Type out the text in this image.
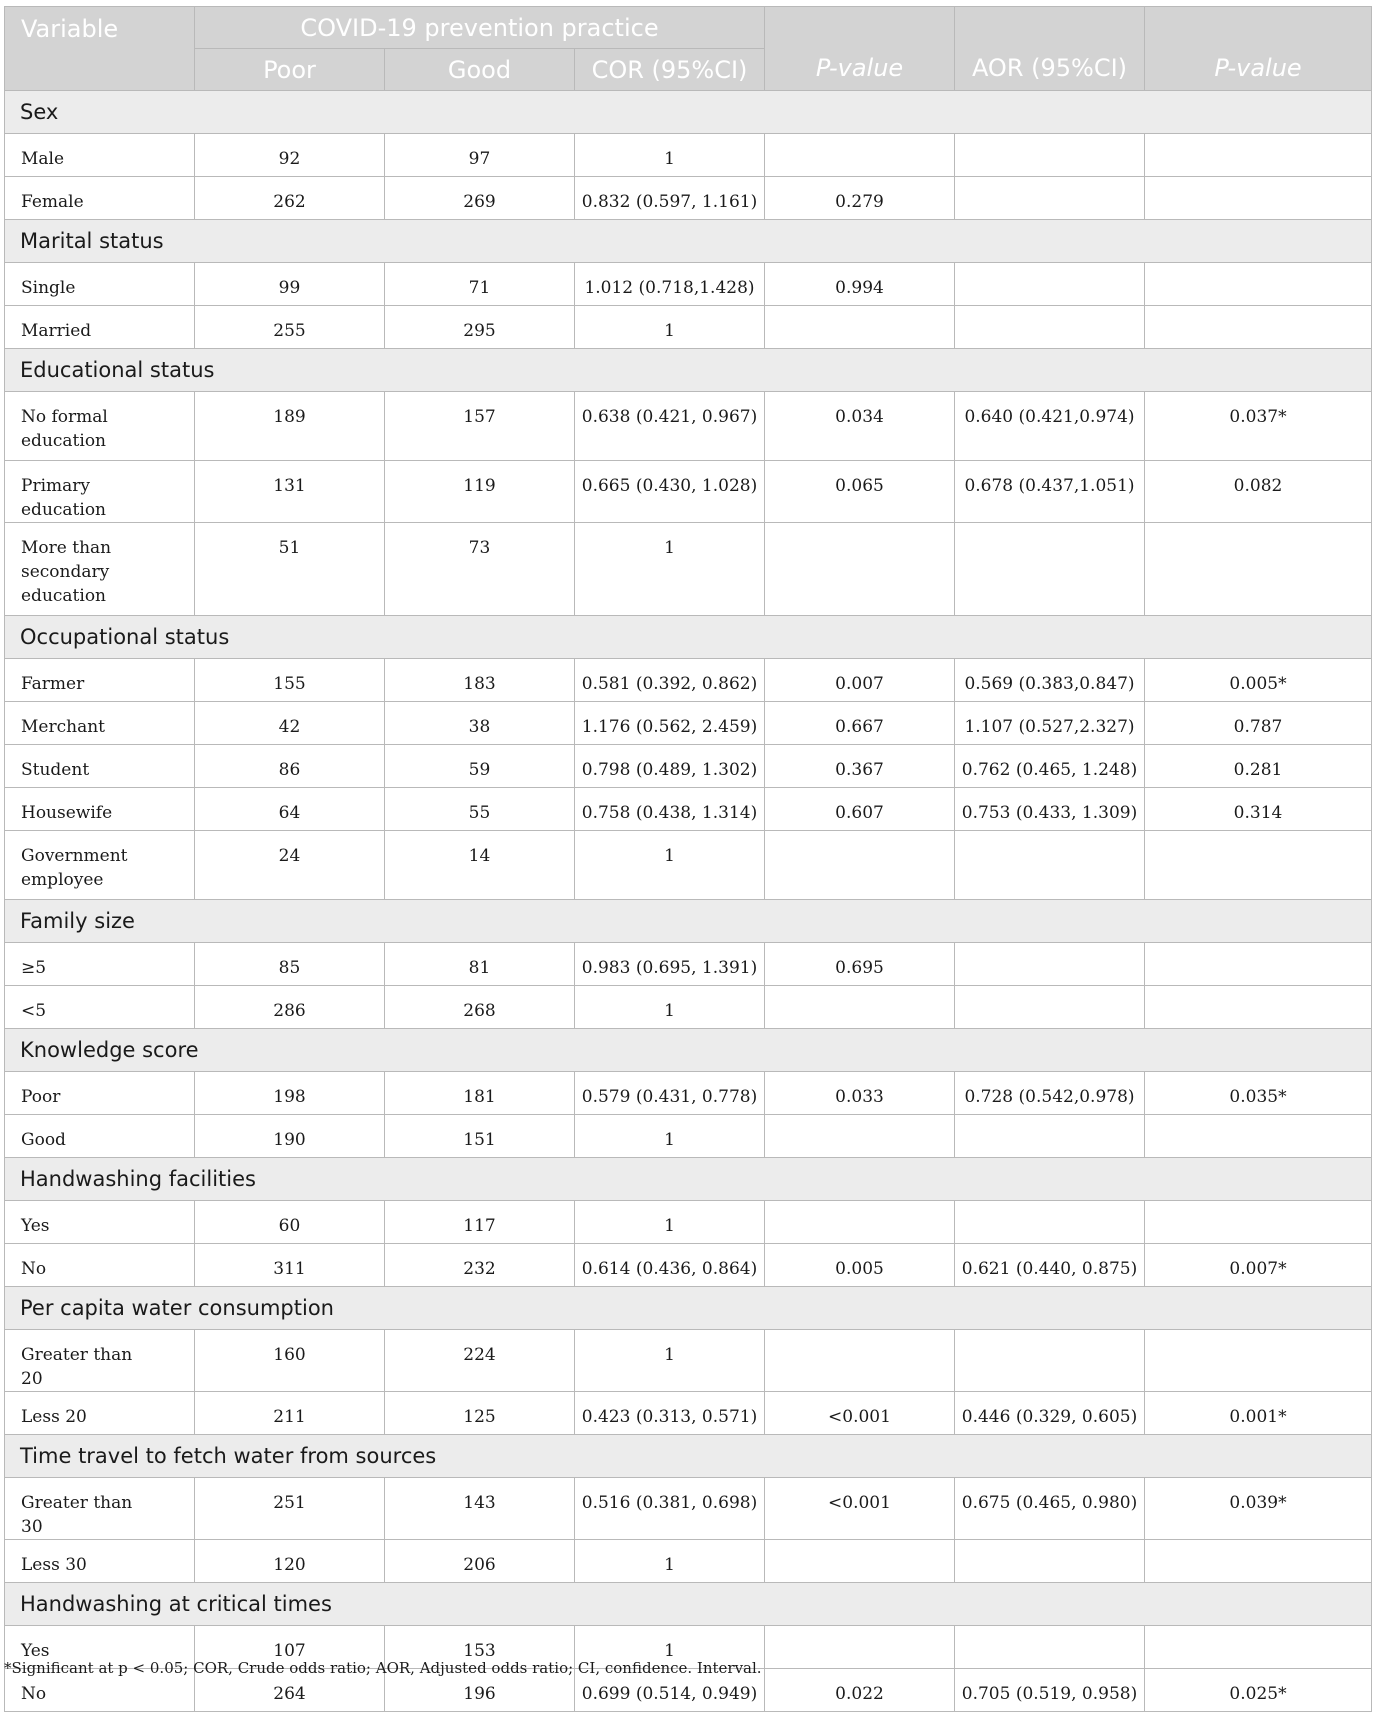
Variable	COVID-19 prevention practice			P-value	AOR (95%CI)	P-value
	Poor	Good	COR (95%CI)			
Sex						
Male	92	97	1			
Female	262	269	0.832 (0.597, 1.161)	0.279		
Marital status						
Single	99	71	1.012 (0.718,1.428)	0.994		
Married	255	295	1			
Educational status						
No formal education	189	157	0.638 (0.421, 0.967)	0.034	0.640 (0.421,0.974)	0.037*
Primary education	131	119	0.665 (0.430, 1.028)	0.065	0.678 (0.437,1.051)	0.082
More than secondary education	51	73	1			
Occupational status						
Farmer	155	183	0.581 (0.392, 0.862)	0.007	0.569 (0.383,0.847)	0.005*
Merchant	42	38	1.176 (0.562, 2.459)	0.667	1.107 (0.527,2.327)	0.787
Student	86	59	0.798 (0.489, 1.302)	0.367	0.762 (0.465, 1.248)	0.281
Housewife	64	55	0.758 (0.438, 1.314)	0.607	0.753 (0.433, 1.309)	0.314
Government employee	24	14	1			
Family size						
≥5	85	81	0.983 (0.695, 1.391)	0.695		
<5	286	268	1			
Knowledge score						
Poor	198	181	0.579 (0.431, 0.778)	0.033	0.728 (0.542,0.978)	0.035*
Good	190	151	1			
Handwashing facilities						
Yes	60	117	1			
No	311	232	0.614 (0.436, 0.864)	0.005	0.621 (0.440, 0.875)	0.007*
Per capita water consumption						
Greater than 20	160	224	1			
Less 20	211	125	0.423 (0.313, 0.571)	<0.001	0.446 (0.329, 0.605)	0.001*
Time travel to fetch water from sources						
Greater than 30	251	143	0.516 (0.381, 0.698)	<0.001	0.675 (0.465, 0.980)	0.039*
Less 30	120	206	1			
Handwashing at critical times						
Yes	107	153	1			
No	264	196	0.699 (0.514, 0.949)	0.022	0.705 (0.519, 0.958)	0.025*
*Significant at p < 0.05; COR, Crude odds ratio; AOR, Adjusted odds ratio; CI, confidence. Interval.
